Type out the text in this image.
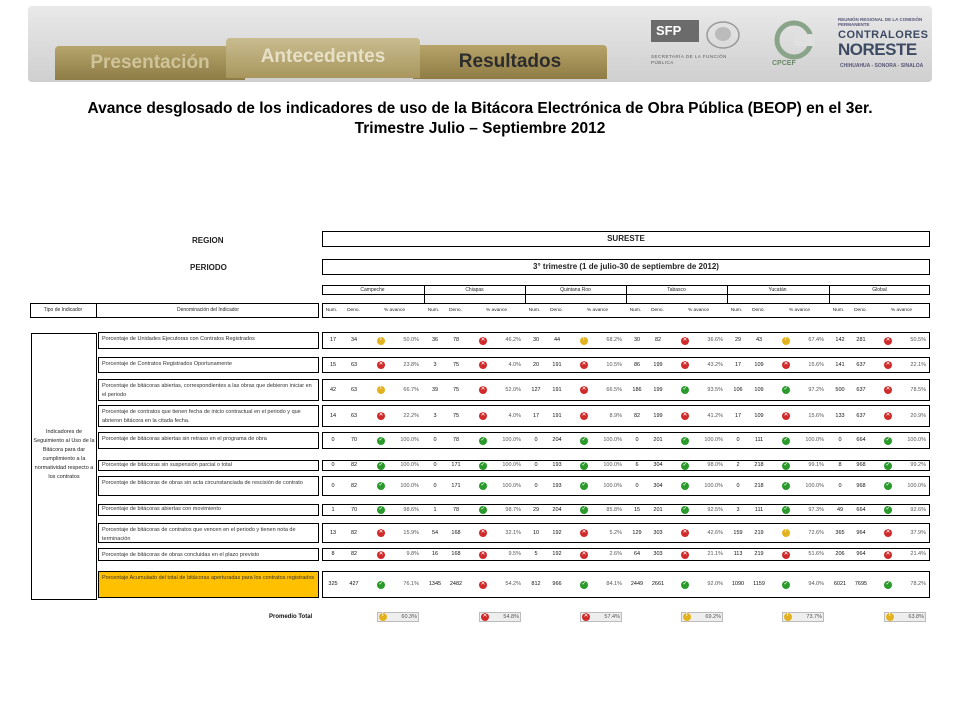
Presentación	Resultados
Antecedentes
SFP
SECRETARÍA DE LA FUNCIÓN PÚBLICA	CPCEF
REUNIÓN REGIONAL DE LA COMISIÓN PERMANENTE
CONTRALORES
NORESTE
CHIHUAHUA - SONORA - SINALOA
Avance desglosado de los indicadores de uso de la Bitácora Electrónica de Obra Pública (BEOP) en el 3er. Trimestre Julio – Septiembre 2012
REGION	SURESTE
PERIODO	3° trimestre (1 de julio-30 de septiembre de 2012)
Campeche	Chiapas	Quintana Roo	Tabasco	Yucatán	Global
Tipo de Indicador	Denominación del Indicador	Num.	Deno.	% avance	Num.	Deno.	% avance	Num.	Deno.	% avance	Num.	Deno.	% avance	Num.	Deno.	% avance	Num.	Deno.	% avance
Indicadores de Seguimiento al Uso de la Bitácora para dar cumplimiento a la normatividad respecto a los contratos
Porcentaje de Unidades Ejecutoras con Contratos Registrados	17	34 !	50.0%	36	78 ✕	46.2%	30	44 !	68.2%	30	82 ✕	36.6%	29	43 !	67.4%	142	281 ✕	50.5%
Porcentaje de Contratos Registrados Oportunamente	15	63 ✕	23.8%	3	75 ✕	4.0%	20	191 ✕	10.5%	86	199 ✕	43.2%	17	109 ✕	15.6%	141	637 ✕	22.1%
Porcentaje de bitácoras abiertas, correspondientes a las obras que debieron iniciar en el periodo
42	63 !	66.7%	39	75 ✕	52.0%	127	191 ✕	66.5%	186	199 ✓	93.5%	106	109 ✓	97.2%	500	637 ✕	78.5%
Porcentaje de contratos que tienen fecha de inicio contractual en el periodo y que abrieron bitácora en la citada fecha.
14	63 ✕	22.2%	3	75 ✕	4.0%	17	191 ✕	8.9%	82	199 ✕	41.2%	17	109 ✕	15.6%	133	637 ✕	20.9%
Porcentaje de bitácoras abiertas sin retraso en el programa de obra	0	70 ✓	100.0%	0	78 ✓	100.0%	0	204 ✓	100.0%	0	201 ✓	100.0%	0	111 ✓	100.0%	0	664 ✓	100.0%
Porcentaje de bitácoras sin suspensión parcial o total	0	82 ✓	100.0%	0	171 ✓	100.0%	0	193 ✓	100.0%	6	304 ✓	98.0%	2	218 ✓	99.1%	8	968 ✓	99.2%
Porcentaje de bitácoras de obras sin acta circunstanciada de rescisión de contrato	0	82 ✓	100.0%	0	171 ✓	100.0%	0	193 ✓	100.0%	0	304 ✓	100.0%	0	218 ✓	100.0%	0	968 ✓	100.0%
Porcentaje de bitácoras abiertas con movimiento	1	70 ✓	98.6%	1	78 ✓	98.7%	29	204 ✓	85.8%	15	201 ✓	92.5%	3	111 ✓	97.3%	49	664 ✓	92.6%
Porcentaje de bitácoras de contratos que vencen en el periodo y tienen nota de terminación
13	82 ✕	15.9%	54	168 ✕	32.1%	10	192 ✕	5.2%	129	303 ✕	42.6%	159	219 !	72.6%	365	964 ✕	37.9%
Porcentaje de bitácoras de obras concluidas en el plazo previsto	8	82 ✕	9.8%	16	168 ✕	9.5%	5	192 ✕	2.6%	64	303 ✕	21.1%	113	219 ✕	51.6%	206	964 ✕	21.4%
Porcentaje Acumulado del total de bitácoras aperturadas para los contratos registrados
325	427 ✓	76.1%	1345	2482 ✕	54.2%	812	966 ✓	84.1%	2449	2661 ✓	92.0%	1090	1159 ✓	94.0%	6021	7695 ✓	78.2%
Promedio Total !	60.3% ✕	54.8% ✕	57.4% !	69.2% !	73.7% !	63.8%
